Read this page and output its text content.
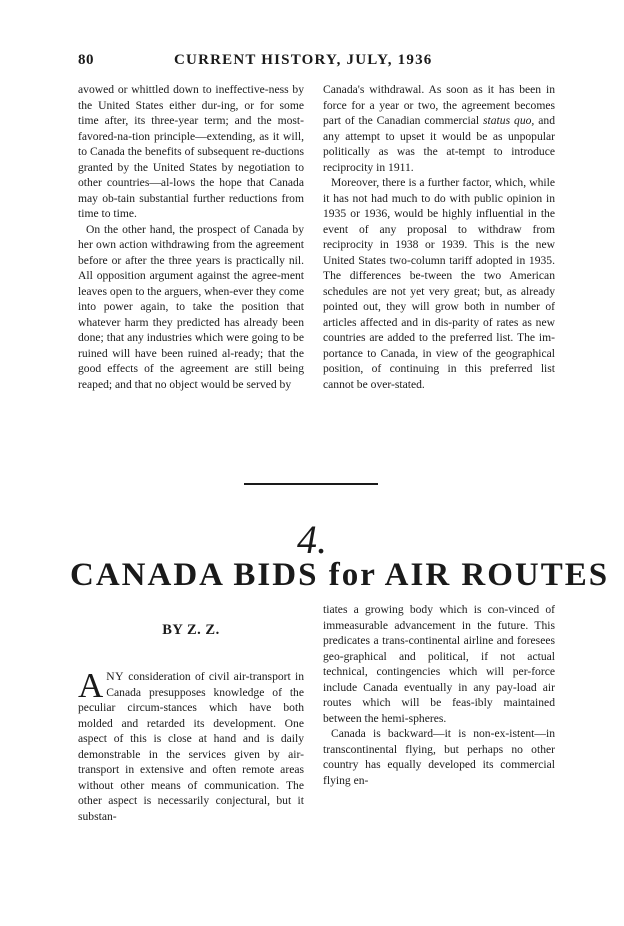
80	CURRENT HISTORY, JULY, 1936

avowed or whittled down to ineffective-ness by the United States either dur-ing, or for some time after, its three-year term; and the most-favored-na-tion principle—extending, as it will, to Canada the benefits of subsequent re-ductions granted by the United States by negotiation to other countries—al-lows the hope that Canada may ob-tain substantial further reductions from time to time.

On the other hand, the prospect of Canada by her own action withdrawing from the agreement before or after the three years is practically nil. All opposition argument against the agree-ment leaves open to the arguers, when-ever they come into power again, to take the position that whatever harm they predicted has already been done; that any industries which were going to be ruined will have been ruined al-ready; that the good effects of the agreement are still being reaped; and that no object would be served by

Canada's withdrawal. As soon as it has been in force for a year or two, the agreement becomes part of the Canadian commercial status quo, and any attempt to upset it would be as unpopular politically as was the at-tempt to introduce reciprocity in 1911.

Moreover, there is a further factor, which, while it has not had much to do with public opinion in 1935 or 1936, would be highly influential in the event of any proposal to withdraw from reciprocity in 1938 or 1939. This is the new United States two-column tariff adopted in 1935. The differences be-tween the two American schedules are not yet very great; but, as already pointed out, they will grow both in number of articles affected and in dis-parity of rates as new countries are added to the preferred list. The im-portance to Canada, in view of the geographical position, of continuing in this preferred list cannot be over-stated.

4.
CANADA BIDS for AIR ROUTES
BY Z. Z.

ANY consideration of civil air-transport in Canada presupposes knowledge of the peculiar circum-stances which have both molded and retarded its development. One aspect of this is close at hand and is daily demonstrable in the services given by air-transport in extensive and often remote areas without other means of communication. The other aspect is necessarily conjectural, but it substan-

tiates a growing body which is con-vinced of immeasurable advancement in the future. This predicates a trans-continental airline and foresees geo-graphical and political, if not actual technical, contingencies which will per-force include Canada eventually in any pay-load air routes which will be feas-ibly maintained between the hemi-spheres.

Canada is backward—it is non-ex-istent—in transcontinental flying, but perhaps no other country has equally developed its commercial flying en-
